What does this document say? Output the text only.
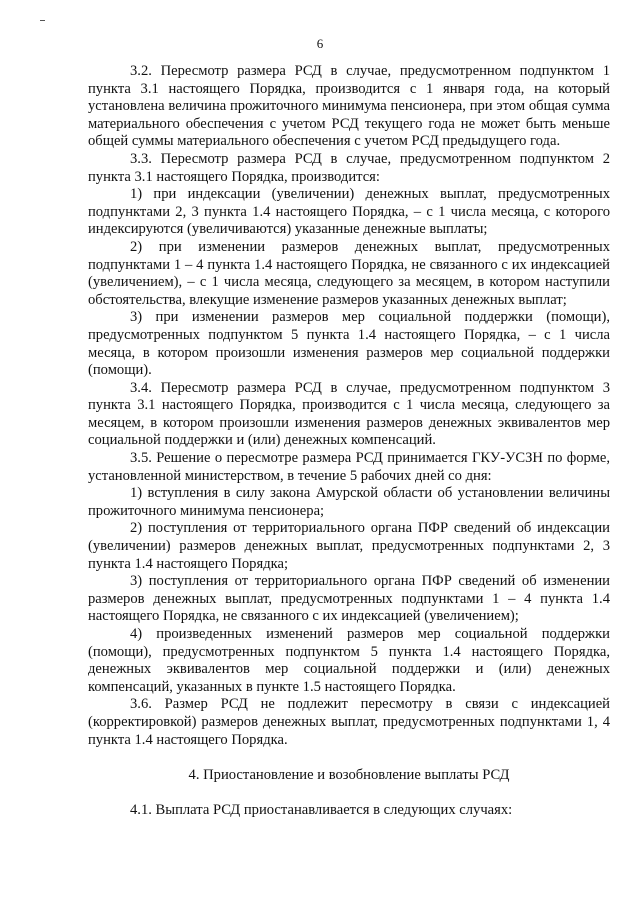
6

3.2. Пересмотр размера РСД в случае, предусмотренном подпунктом 1 пункта 3.1 настоящего Порядка, производится с 1 января года, на который установлена величина прожиточного минимума пенсионера, при этом общая сумма материального обеспечения с учетом РСД текущего года не может быть меньше общей суммы материального обеспечения с учетом РСД предыдущего года.

3.3. Пересмотр размера РСД в случае, предусмотренном подпунктом 2 пункта 3.1 настоящего Порядка, производится:

1) при индексации (увеличении) денежных выплат, предусмотренных подпунктами 2, 3 пункта 1.4 настоящего Порядка, – с 1 числа месяца, с которого индексируются (увеличиваются) указанные денежные выплаты;

2) при изменении размеров денежных выплат, предусмотренных подпунктами 1 – 4 пункта 1.4 настоящего Порядка, не связанного с их индексацией (увеличением), – с 1 числа месяца, следующего за месяцем, в котором наступили обстоятельства, влекущие изменение размеров указанных денежных выплат;

3) при изменении размеров мер социальной поддержки (помощи), предусмотренных подпунктом 5 пункта 1.4 настоящего Порядка, – с 1 числа месяца, в котором произошли изменения размеров мер социальной поддержки (помощи).

3.4. Пересмотр размера РСД в случае, предусмотренном подпунктом 3 пункта 3.1 настоящего Порядка, производится с 1 числа месяца, следующего за месяцем, в котором произошли изменения размеров денежных эквивалентов мер социальной поддержки и (или) денежных компенсаций.

3.5. Решение о пересмотре размера РСД принимается ГКУ-УСЗН по форме, установленной министерством, в течение 5 рабочих дней со дня:

1) вступления в силу закона Амурской области об установлении величины прожиточного минимума пенсионера;

2) поступления от территориального органа ПФР сведений об индексации (увеличении) размеров денежных выплат, предусмотренных подпунктами 2, 3 пункта 1.4 настоящего Порядка;

3) поступления от территориального органа ПФР сведений об изменении размеров денежных выплат, предусмотренных подпунктами 1 – 4 пункта 1.4 настоящего Порядка, не связанного с их индексацией (увеличением);

4) произведенных изменений размеров мер социальной поддержки (помощи), предусмотренных подпунктом 5 пункта 1.4 настоящего Порядка, денежных эквивалентов мер социальной поддержки и (или) денежных компенсаций, указанных в пункте 1.5 настоящего Порядка.

3.6. Размер РСД не подлежит пересмотру в связи с индексацией (корректировкой) размеров денежных выплат, предусмотренных подпунктами 1, 4 пункта 1.4 настоящего Порядка.

4. Приостановление и возобновление выплаты РСД

4.1. Выплата РСД приостанавливается в следующих случаях:
